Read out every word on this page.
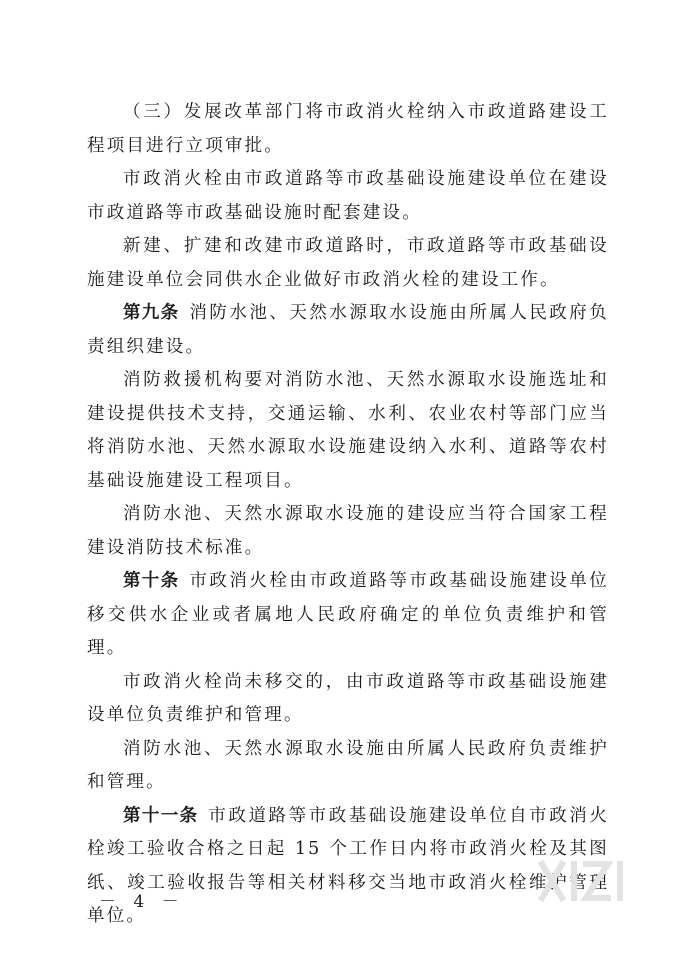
（三）发展改革部门将市政消火栓纳入市政道路建设工程项目进行立项审批。

市政消火栓由市政道路等市政基础设施建设单位在建设市政道路等市政基础设施时配套建设。

新建、扩建和改建市政道路时，市政道路等市政基础设施建设单位会同供水企业做好市政消火栓的建设工作。

第九条 消防水池、天然水源取水设施由所属人民政府负责组织建设。

消防救援机构要对消防水池、天然水源取水设施选址和建设提供技术支持，交通运输、水利、农业农村等部门应当将消防水池、天然水源取水设施建设纳入水利、道路等农村基础设施建设工程项目。

消防水池、天然水源取水设施的建设应当符合国家工程建设消防技术标准。

第十条 市政消火栓由市政道路等市政基础设施建设单位移交供水企业或者属地人民政府确定的单位负责维护和管理。

市政消火栓尚未移交的，由市政道路等市政基础设施建设单位负责维护和管理。

消防水池、天然水源取水设施由所属人民政府负责维护和管理。

第十一条 市政道路等市政基础设施建设单位自市政消火栓竣工验收合格之日起 15 个工作日内将市政消火栓及其图纸、竣工验收报告等相关材料移交当地市政消火栓维护管理单位。

－ 4 －
